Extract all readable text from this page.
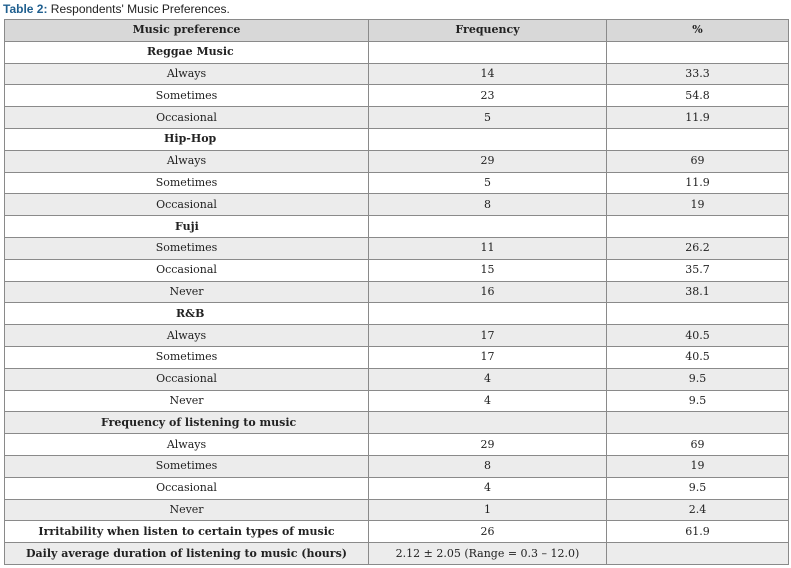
Table 2: Respondents' Music Preferences.
Music preference	Frequency	%
Reggae Music		
Always	14	33.3
Sometimes	23	54.8
Occasional	5	11.9
Hip-Hop		
Always	29	69
Sometimes	5	11.9
Occasional	8	19
Fuji		
Sometimes	11	26.2
Occasional	15	35.7
Never	16	38.1
R&B		
Always	17	40.5
Sometimes	17	40.5
Occasional	4	9.5
Never	4	9.5
Frequency of listening to music		
Always	29	69
Sometimes	8	19
Occasional	4	9.5
Never	1	2.4
Irritability when listen to certain types of music	26	61.9
Daily average duration of listening to music (hours)	2.12 ± 2.05 (Range = 0.3 – 12.0)	
